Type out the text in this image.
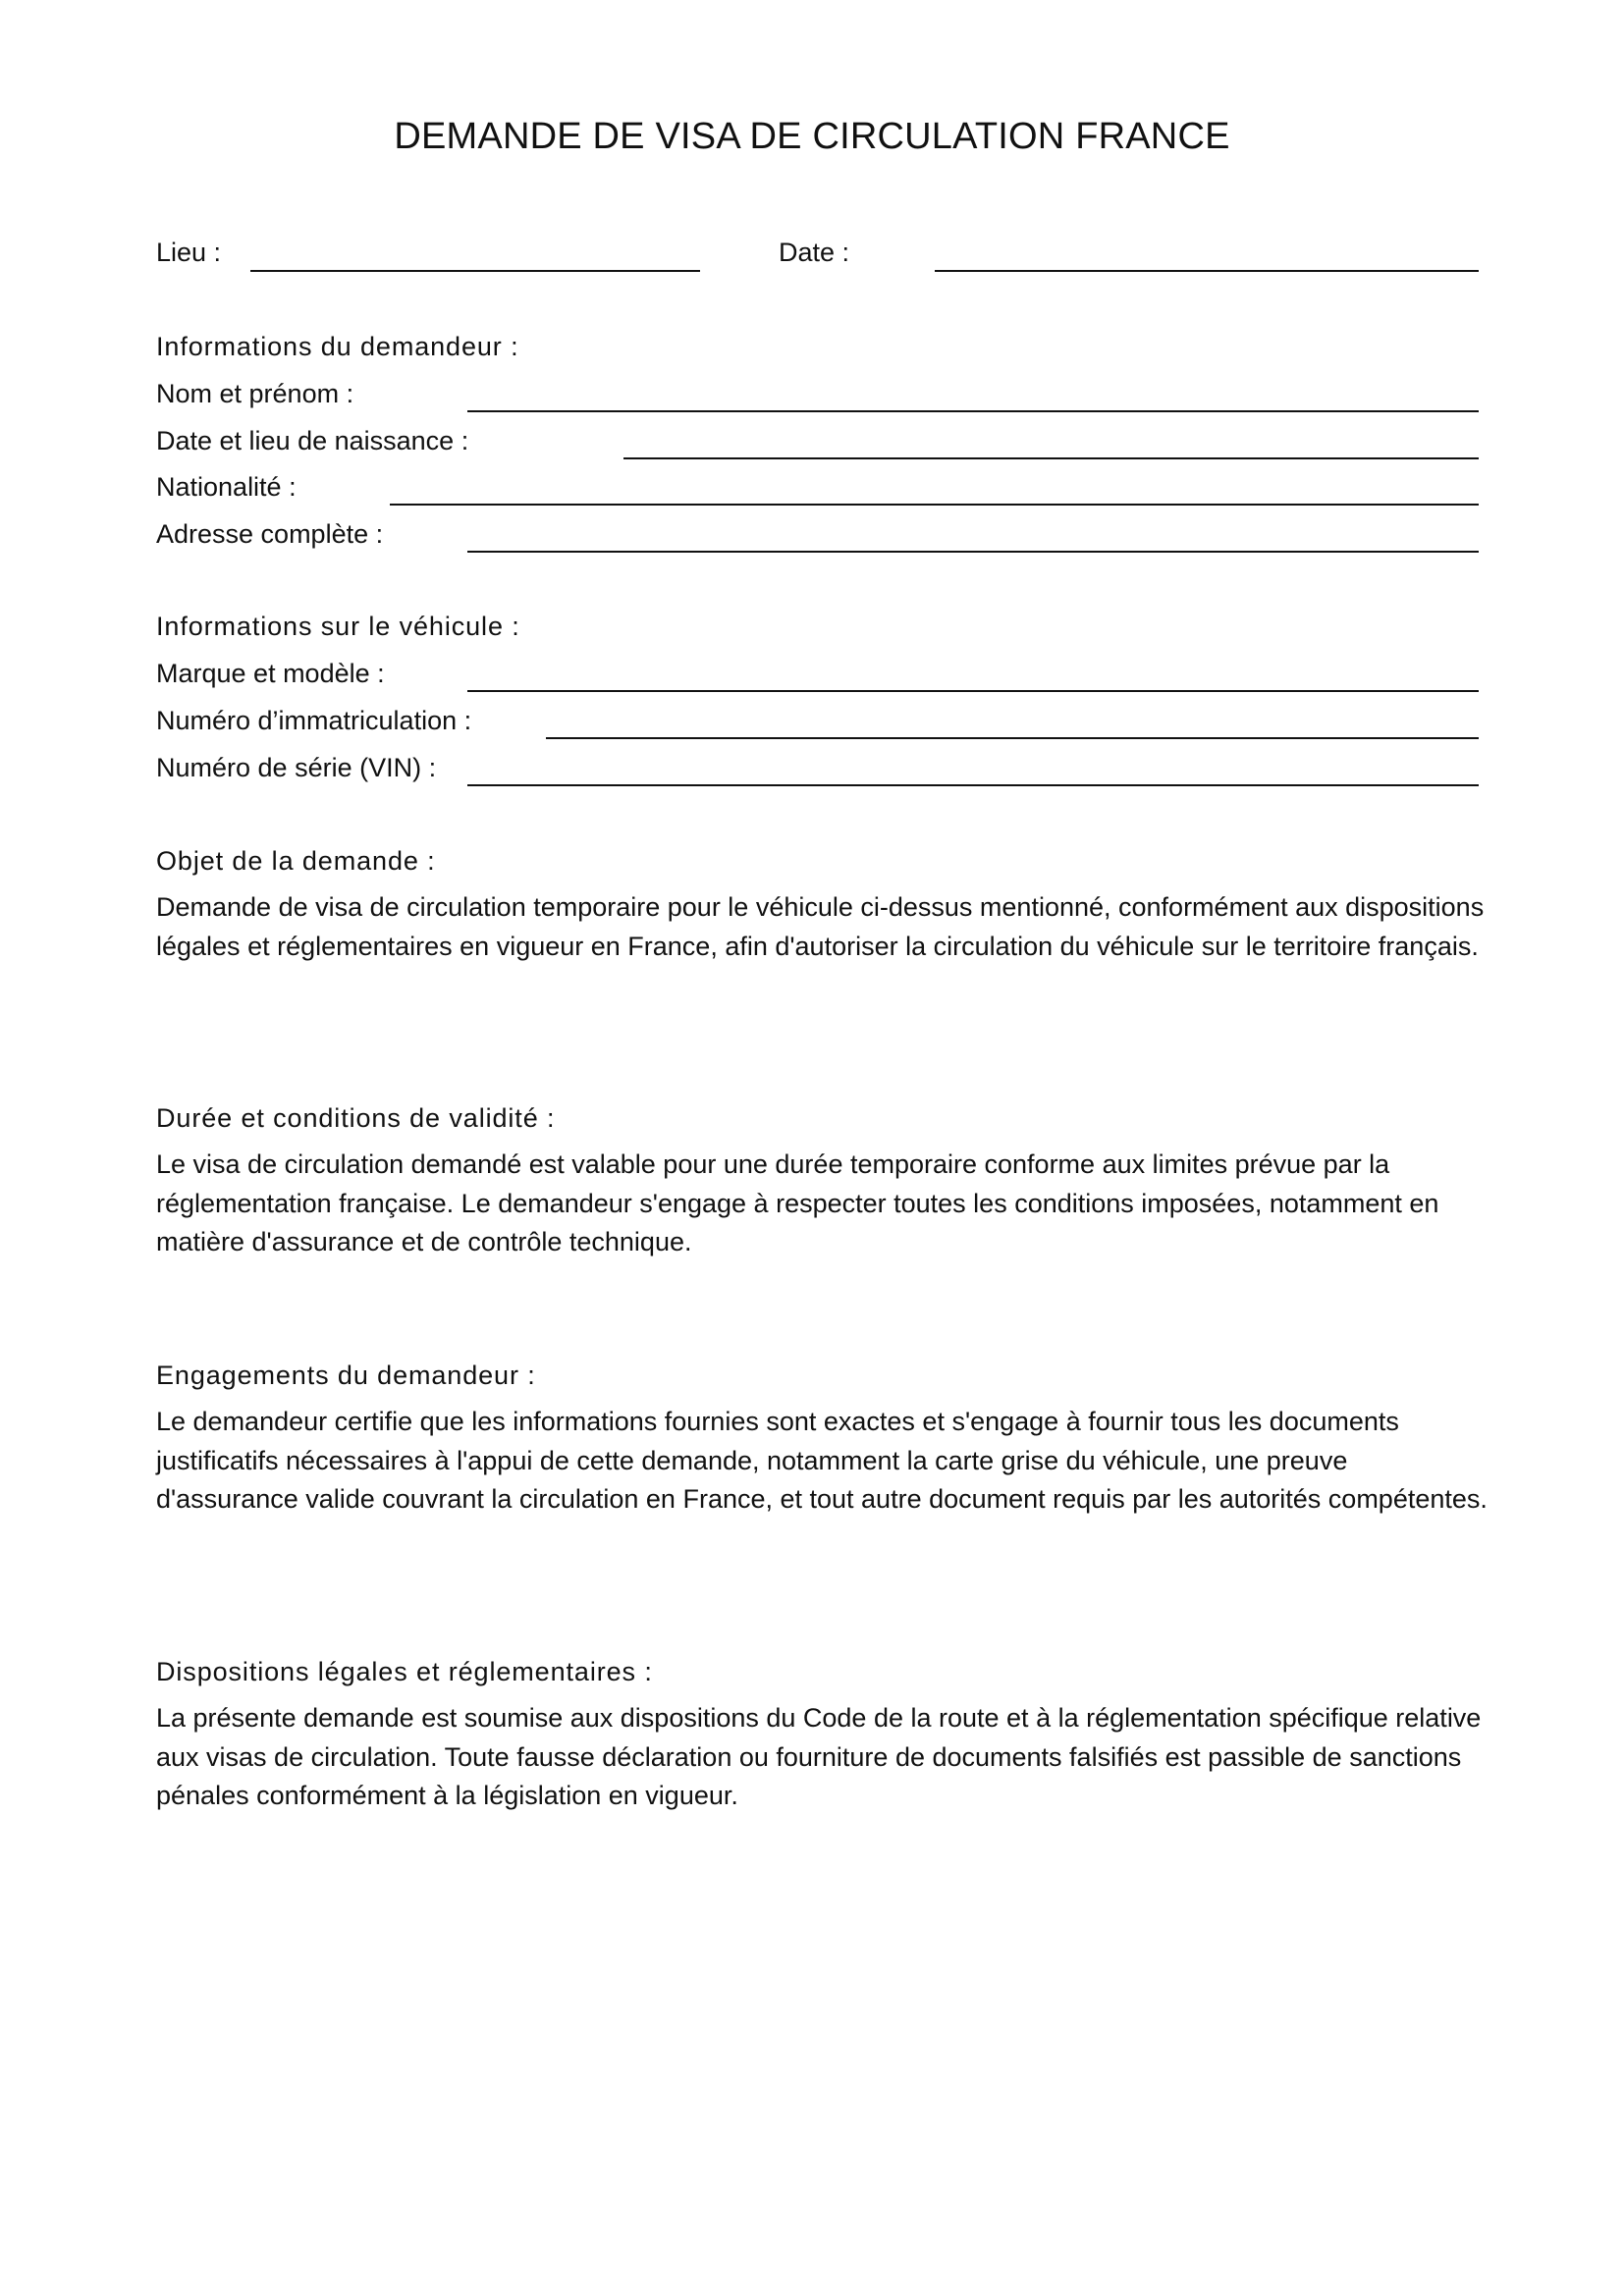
DEMANDE DE VISA DE CIRCULATION FRANCE
Lieu :	Date :
Informations du demandeur :
Nom et prénom :
Date et lieu de naissance :
Nationalité :
Adresse complète :
Informations sur le véhicule :
Marque et modèle :
Numéro d’immatriculation :
Numéro de série (VIN) :
Objet de la demande :
Demande de visa de circulation temporaire pour le véhicule ci-dessus mentionné, conformément aux dispositions légales et réglementaires en vigueur en France, afin d'autoriser la circulation du véhicule sur le territoire français.
Durée et conditions de validité :
Le visa de circulation demandé est valable pour une durée temporaire conforme aux limites prévue par la réglementation française. Le demandeur s'engage à respecter toutes les conditions imposées, notamment en matière d'assurance et de contrôle technique.
Engagements du demandeur :
Le demandeur certifie que les informations fournies sont exactes et s'engage à fournir tous les documents justificatifs nécessaires à l'appui de cette demande, notamment la carte grise du véhicule, une preuve d'assurance valide couvrant la circulation en France, et tout autre document requis par les autorités compétentes.
Dispositions légales et réglementaires :
La présente demande est soumise aux dispositions du Code de la route et à la réglementation spécifique relative aux visas de circulation. Toute fausse déclaration ou fourniture de documents falsifiés est passible de sanctions pénales conformément à la législation en vigueur.
